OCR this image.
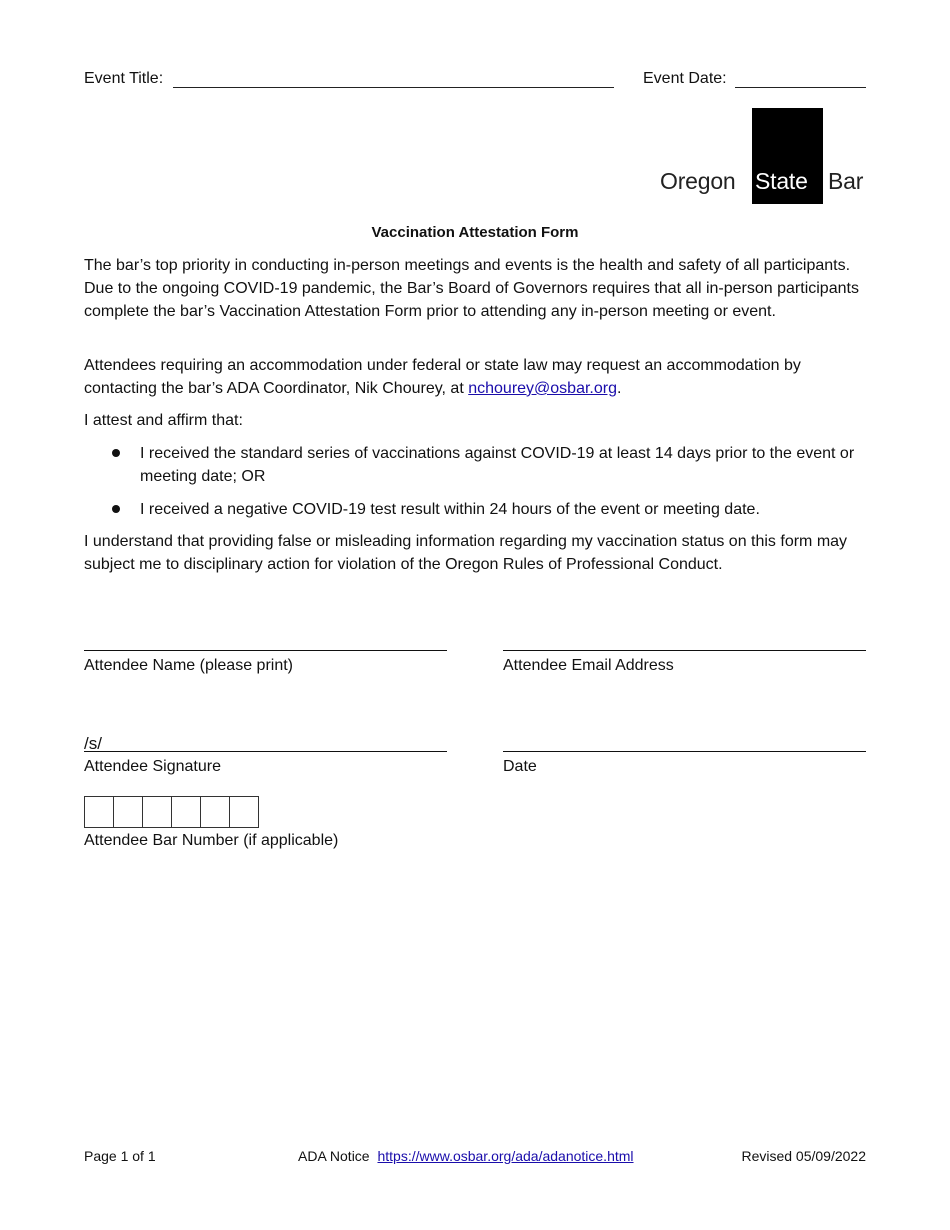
Event Title:	Event Date:
Oregon State Bar
Vaccination Attestation Form

The bar’s top priority in conducting in-person meetings and events is the health and safety of all participants. Due to the ongoing COVID-19 pandemic, the Bar’s Board of Governors requires that all in-person participants complete the bar’s Vaccination Attestation Form prior to attending any in-person meeting or event.

Attendees requiring an accommodation under federal or state law may request an accommodation by contacting the bar’s ADA Coordinator, Nik Chourey, at nchourey@osbar.org.

I attest and affirm that:

I received the standard series of vaccinations against COVID-19 at least 14 days prior to the event or meeting date; OR
I received a negative COVID-19 test result within 24 hours of the event or meeting date.

I understand that providing false or misleading information regarding my vaccination status on this form may subject me to disciplinary action for violation of the Oregon Rules of Professional Conduct.

Attendee Name (please print)	Attendee Email Address
/s/
Attendee Signature	Date
Attendee Bar Number (if applicable)
Page 1 of 1	ADA Notice https://www.osbar.org/ada/adanotice.html	Revised 05/09/2022
